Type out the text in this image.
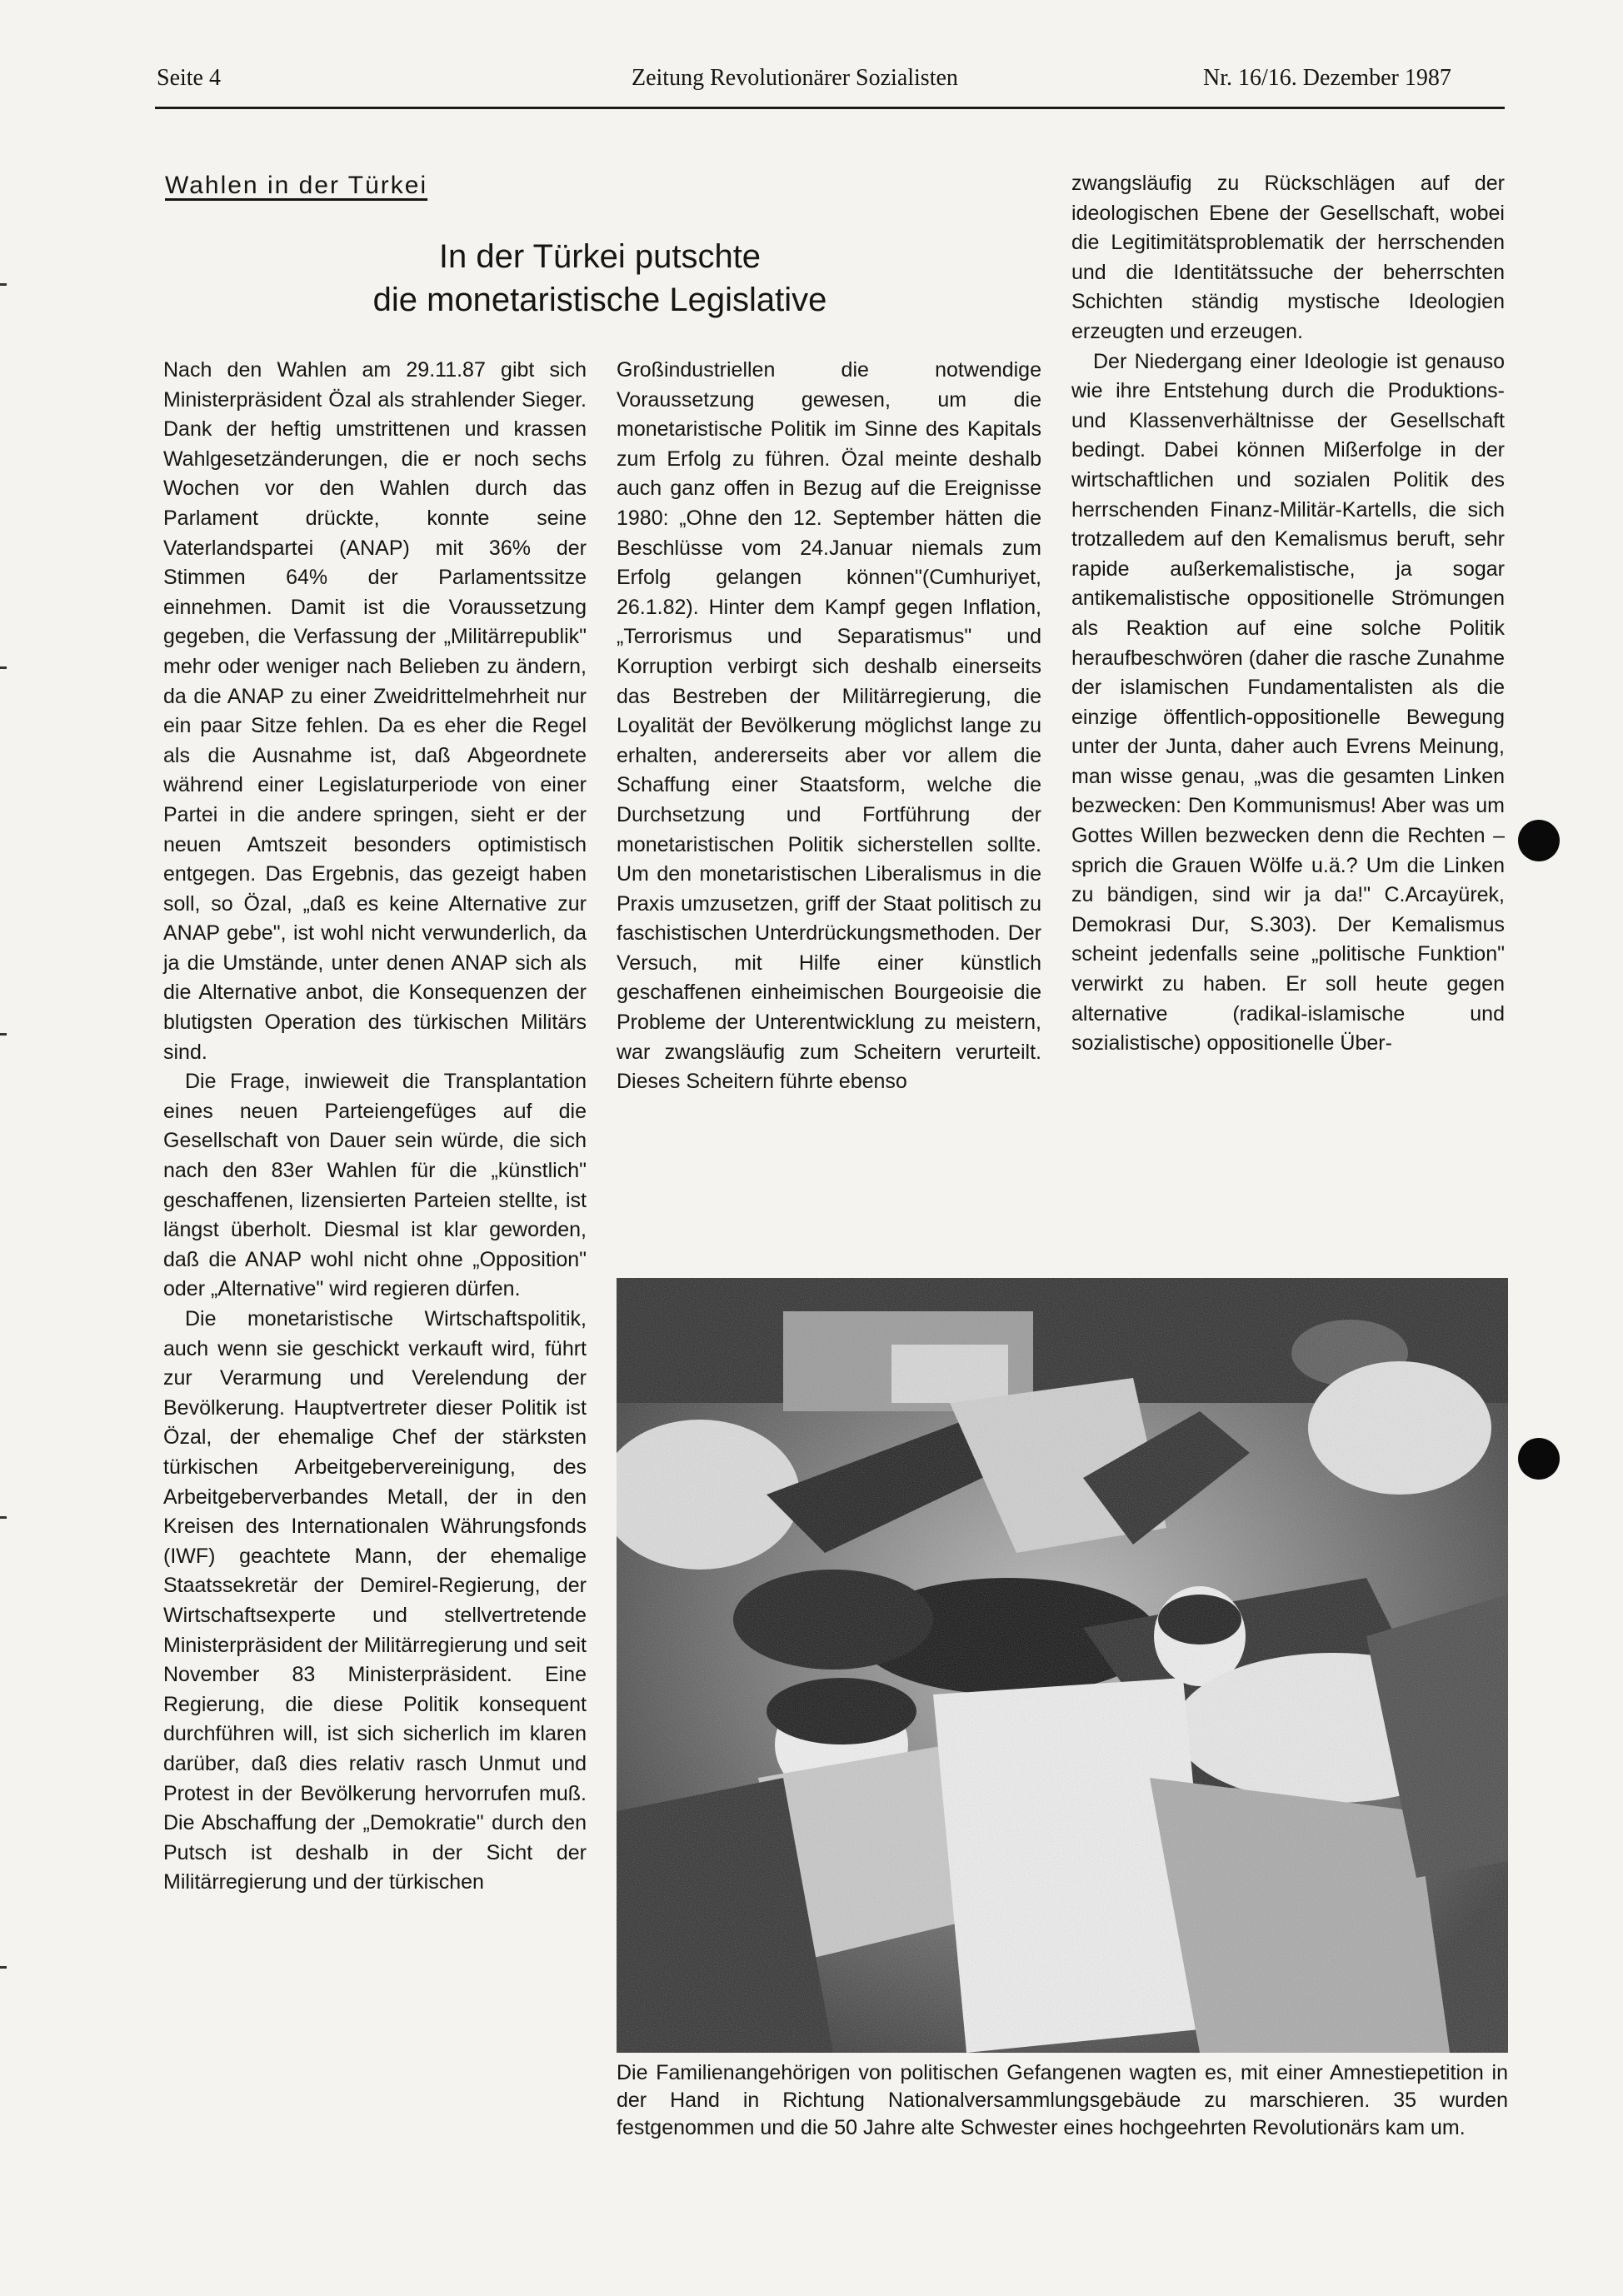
Seite 4	Zeitung Revolutionärer Sozialisten	Nr. 16/16. Dezember 1987
Wahlen in der Türkei
In der Türkei putschte
die monetaristische Legislative

Nach den Wahlen am 29.11.87 gibt sich Ministerpräsident Özal als strahlender Sieger. Dank der heftig umstrittenen und krassen Wahlgesetzänderungen, die er noch sechs Wochen vor den Wahlen durch das Parlament drückte, konnte seine Vaterlandspartei (ANAP) mit 36% der Stimmen 64% der Parlamentssitze einnehmen. Damit ist die Voraussetzung gegeben, die Verfassung der „Militärrepublik" mehr oder weniger nach Belieben zu ändern, da die ANAP zu einer Zweidrittelmehrheit nur ein paar Sitze fehlen. Da es eher die Regel als die Ausnahme ist, daß Abgeordnete während einer Legislaturperiode von einer Partei in die andere springen, sieht er der neuen Amtszeit besonders optimistisch entgegen. Das Ergebnis, das gezeigt haben soll, so Özal, „daß es keine Alternative zur ANAP gebe", ist wohl nicht verwunderlich, da ja die Umstände, unter denen ANAP sich als die Alternative anbot, die Konsequenzen der blutigsten Operation des türkischen Militärs sind.

Die Frage, inwieweit die Transplantation eines neuen Parteiengefüges auf die Gesellschaft von Dauer sein würde, die sich nach den 83er Wahlen für die „künstlich" geschaffenen, lizensierten Parteien stellte, ist längst überholt. Diesmal ist klar geworden, daß die ANAP wohl nicht ohne „Opposition" oder „Alternative" wird regieren dürfen.

Die monetaristische Wirtschaftspolitik, auch wenn sie geschickt verkauft wird, führt zur Verarmung und Verelendung der Bevölkerung. Hauptvertreter dieser Politik ist Özal, der ehemalige Chef der stärksten türkischen Arbeitgebervereinigung, des Arbeitgeberverbandes Metall, der in den Kreisen des Internationalen Währungsfonds (IWF) geachtete Mann, der ehemalige Staatssekretär der Demirel-Regierung, der Wirtschaftsexperte und stellvertretende Ministerpräsident der Militärregierung und seit November 83 Ministerpräsident. Eine Regierung, die diese Politik konsequent durchführen will, ist sich sicherlich im klaren darüber, daß dies relativ rasch Unmut und Protest in der Bevölkerung hervorrufen muß. Die Abschaffung der „Demokratie" durch den Putsch ist deshalb in der Sicht der Militärregierung und der türkischen

Großindustriellen die notwendige Voraussetzung gewesen, um die monetaristische Politik im Sinne des Kapitals zum Erfolg zu führen. Özal meinte deshalb auch ganz offen in Bezug auf die Ereignisse 1980: „Ohne den 12. September hätten die Beschlüsse vom 24.Januar niemals zum Erfolg gelangen können"(Cumhuriyet, 26.1.82). Hinter dem Kampf gegen Inflation, „Terrorismus und Separatismus" und Korruption verbirgt sich deshalb einerseits das Bestreben der Militärregierung, die Loyalität der Bevölkerung möglichst lange zu erhalten, andererseits aber vor allem die Schaffung einer Staatsform, welche die Durchsetzung und Fortführung der monetaristischen Politik sicherstellen sollte. Um den monetaristischen Liberalismus in die Praxis umzusetzen, griff der Staat politisch zu faschistischen Unterdrückungsmethoden. Der Versuch, mit Hilfe einer künstlich geschaffenen einheimischen Bourgeoisie die Probleme der Unterentwicklung zu meistern, war zwangsläufig zum Scheitern verurteilt. Dieses Scheitern führte ebenso

zwangsläufig zu Rückschlägen auf der ideologischen Ebene der Gesellschaft, wobei die Legitimitätsproblematik der herrschenden und die Identitätssuche der beherrschten Schichten ständig mystische Ideologien erzeugten und erzeugen.

Der Niedergang einer Ideologie ist genauso wie ihre Entstehung durch die Produktions- und Klassenverhältnisse der Gesellschaft bedingt. Dabei können Mißerfolge in der wirtschaftlichen und sozialen Politik des herrschenden Finanz-Militär-Kartells, die sich trotzalledem auf den Kemalismus beruft, sehr rapide außerkemalistische, ja sogar antikemalistische oppositionelle Strömungen als Reaktion auf eine solche Politik heraufbeschwören (daher die rasche Zunahme der islamischen Fundamentalisten als die einzige öffentlich-oppositionelle Bewegung unter der Junta, daher auch Evrens Meinung, man wisse genau, „was die gesamten Linken bezwecken: Den Kommunismus! Aber was um Gottes Willen bezwecken denn die Rechten – sprich die Grauen Wölfe u.ä.? Um die Linken zu bändigen, sind wir ja da!" C.Arcayürek, Demokrasi Dur, S.303). Der Kemalismus scheint jedenfalls seine „politische Funktion" verwirkt zu haben. Er soll heute gegen alternative (radikal-islamische und sozialistische) oppositionelle Über-

Die Familienangehörigen von politischen Gefangenen wagten es, mit einer Amnestiepetition in der Hand in Richtung Nationalversammlungsgebäude zu marschieren. 35 wurden festgenommen und die 50 Jahre alte Schwester eines hochgeehrten Revolutionärs kam um.
